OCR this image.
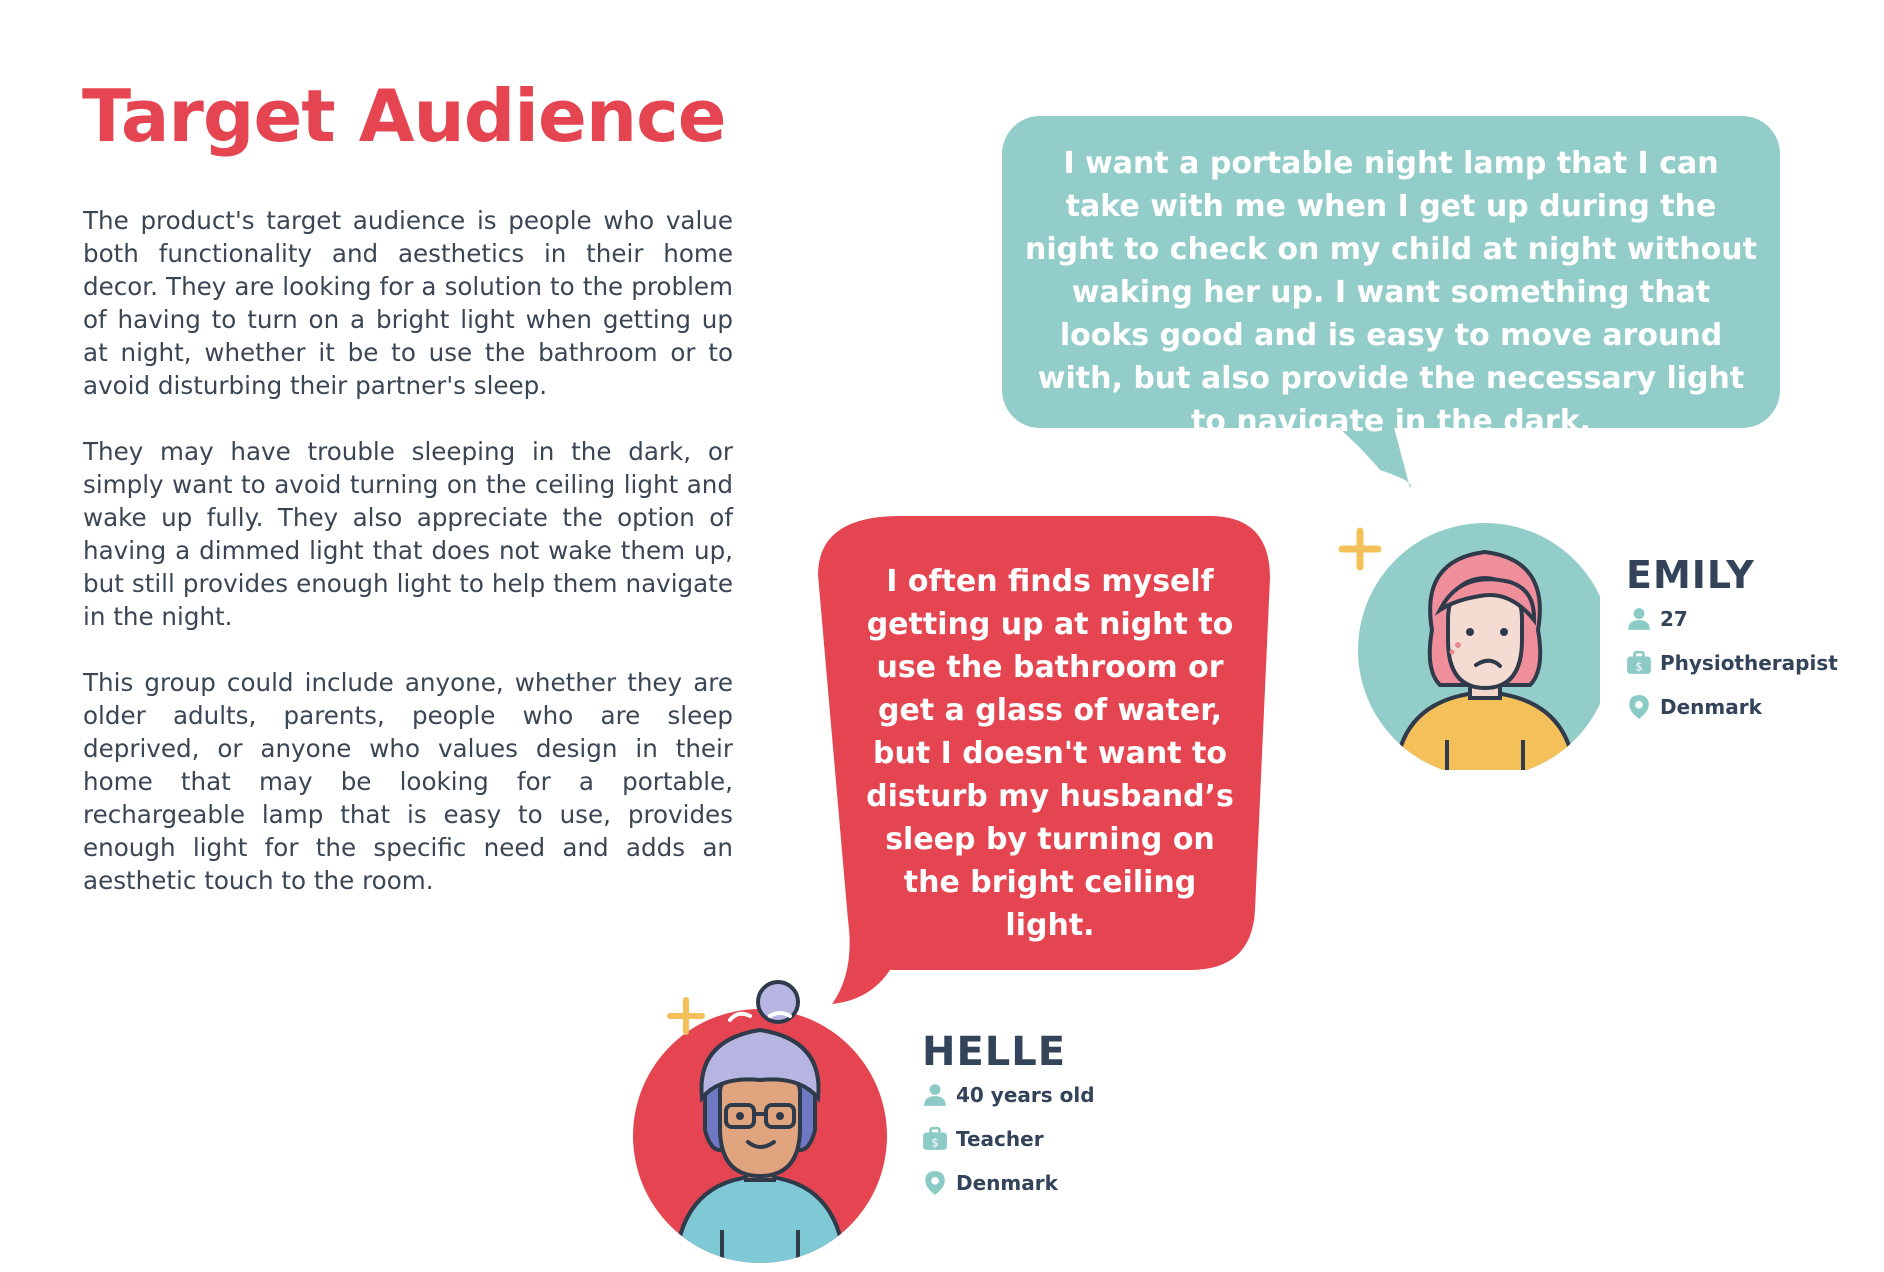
Target Audience

The product's target audience is people who value both functionality and aesthetics in their home decor. They are looking for a solution to the problem of having to turn on a bright light when getting up at night, whether it be to use the bathroom or to avoid disturbing their partner's sleep.

They may have trouble sleeping in the dark, or simply want to avoid turning on the ceiling light and wake up fully. They also appreciate the option of having a dimmed light that does not wake them up, but still provides enough light to help them navigate in the night.

This group could include anyone, whether they are older adults, parents, people who are sleep deprived, or anyone who values design in their home that may be looking for a portable, rechargeable lamp that is easy to use, provides enough light for the specific need and adds an aesthetic touch to the room.

I want a portable night lamp that I can take with me when I get up during the night to check on my child at night without waking her up. I want something that looks good and is easy to move around with, but also provide the necessary light to navigate in the dark.

I often finds myself getting up at night to use the bathroom or get a glass of water, but I doesn't want to disturb my husband’s sleep by turning on the bright ceiling light.

EMILY
27
$ Physiotherapist
Denmark
HELLE
40 years old
$ Teacher
Denmark
